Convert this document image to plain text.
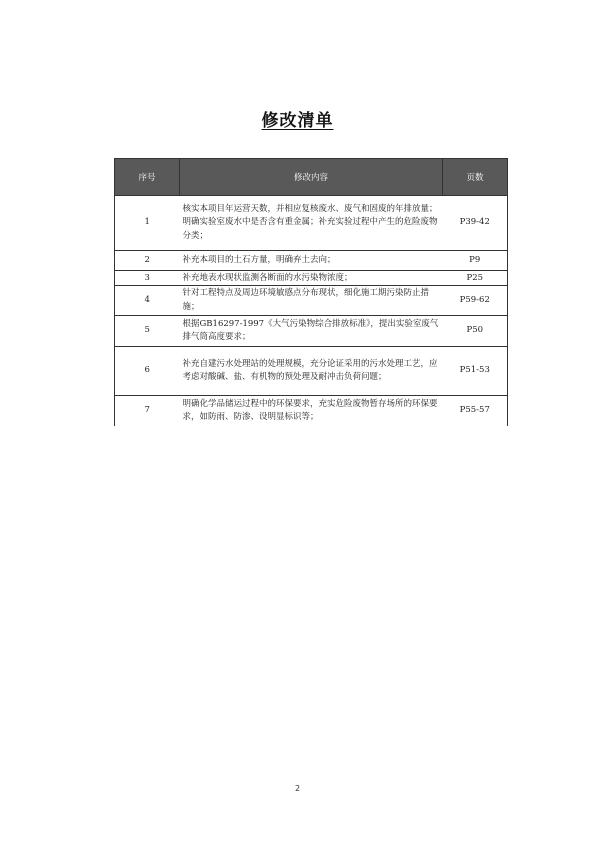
修改清单
序号	修改内容	页数
1	核实本项目年运营天数，并相应复核废水、废气和固废的年排放量；明确实验室废水中是否含有重金属；补充实验过程中产生的危险废物分类；	P39-42
2	补充本项目的土石方量，明确弃土去向；	P9
3	补充地表水现状监测各断面的水污染物浓度；	P25
4	针对工程特点及周边环境敏感点分布现状，细化施工期污染防止措施；	P59-62
5	根据GB16297-1997《大气污染物综合排放标准》，提出实验室废气排气筒高度要求；	P50
6	补充自建污水处理站的处理规模，充分论证采用的污水处理工艺，应考虑对酸碱、盐、有机物的预处理及耐冲击负荷问题；	P51-53
7	明确化学品储运过程中的环保要求，充实危险废物暂存场所的环保要求，如防雨、防渗、设明显标识等；	P55-57
2
